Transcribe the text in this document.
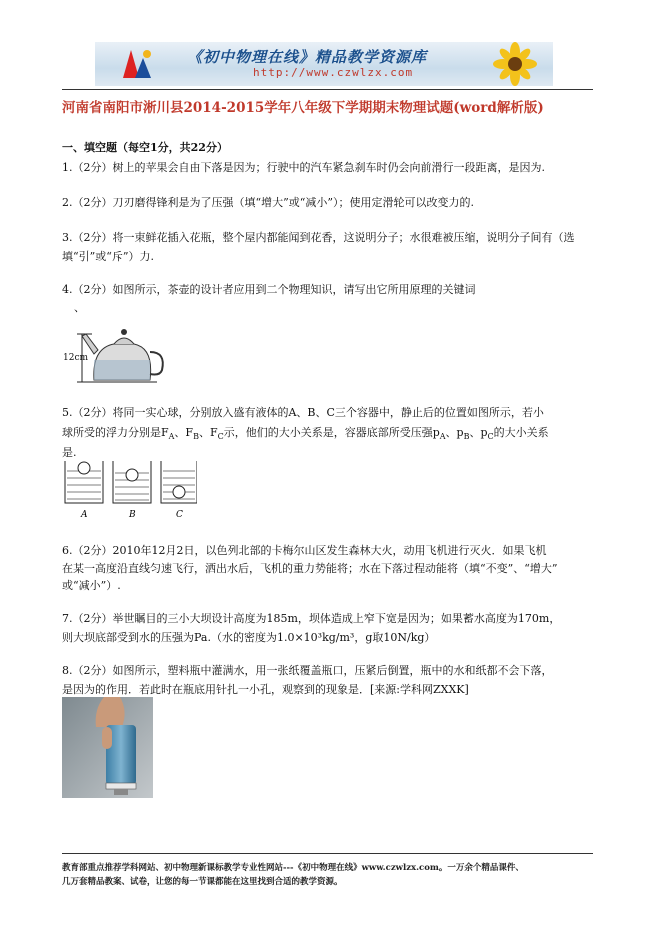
《初中物理在线》精品教学资源库
http://www.czwlzx.com
河南省南阳市淅川县2014-2015学年八年级下学期期末物理试题(word解析版)
一、填空题（每空1分，共22分）
1.（2分）树上的苹果会自由下落是因为；行驶中的汽车紧急刹车时仍会向前滑行一段距离，是因为.
2.（2分）刀刃磨得锋利是为了压强（填“增大”或“减小”）；使用定滑轮可以改变力的.
3.（2分）将一束鲜花插入花瓶，整个屋内都能闻到花香，这说明分子；水很难被压缩，说明分子间有（选
填“引”或“斥”）力.
4.（2分）如图所示，茶壶的设计者应用到二个物理知识，请写出它所用原理的关键词
、
12cm
5.（2分）将同一实心球，分别放入盛有液体的A、B、C三个容器中，静止后的位置如图所示，若小
球所受的浮力分别是$F_A$、$F_B$、$F_C$示，他们的大小关系是，容器底部所受压强$p_A$、$p_B$、$p_C$的大小关系
是.
A	B	C
6.（2分）2010年12月2日，以色列北部的卡梅尔山区发生森林大火，动用飞机进行灭火．如果飞机
在某一高度沿直线匀速飞行，洒出水后，飞机的重力势能将；水在下落过程动能将（填“不变”、“增大”
或“减小”）.
7.（2分）举世瞩目的三小大坝设计高度为185m，坝体造成上窄下宽是因为；如果蓄水高度为170m，
则大坝底部受到水的压强为Pa.（水的密度为1.0×10³kg/m³，g取10N/kg）
8.（2分）如图所示，塑料瓶中灌满水，用一张纸覆盖瓶口，压紧后倒置，瓶中的水和纸都不会下落，
是因为的作用．若此时在瓶底用针扎一小孔，观察到的现象是．[来源:学科网ZXXK]
教育部重点推荐学科网站、初中物理新课标教学专业性网站---《初中物理在线》www.czwlzx.com。一万余个精品课件、
几万套精品教案、试卷，让您的每一节课都能在这里找到合适的教学资源。
